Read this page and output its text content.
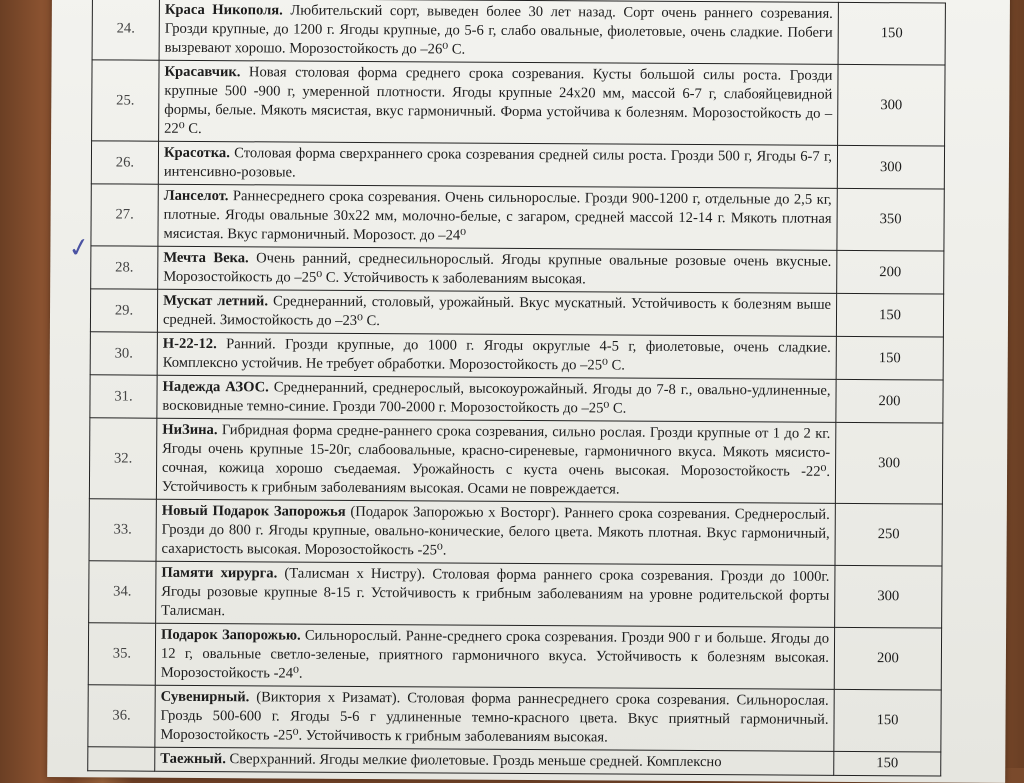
✓
24.	Краса Никополя. Любительский сорт, выведен более 30 лет назад. Сорт очень раннего созревания. Грозди крупные, до 1200 г. Ягоды крупные, до 5-6 г, слабо овальные, фиолетовые, очень сладкие. Побеги вызревают хорошо. Морозостойкость до –26⁰ С.	150
25.	Красавчик. Новая столовая форма среднего срока созревания. Кусты большой силы роста. Грозди крупные 500 -900 г, умеренной плотности. Ягоды крупные 24х20 мм, массой 6-7 г, слабояйцевидной формы, белые. Мякоть мясистая, вкус гармоничный. Форма устойчива к болезням. Морозостойкость до – 22⁰ С.	300
26.	Красотка. Столовая форма сверхраннего срока созревания средней силы роста. Грозди 500 г, Ягоды 6-7 г, интенсивно-розовые.	300
27.	Ланселот. Раннесреднего срока созревания. Очень сильнорослые. Грозди 900-1200 г, отдельные до 2,5 кг, плотные. Ягоды овальные 30х22 мм, молочно-белые, с загаром, средней массой 12-14 г. Мякоть плотная мясистая. Вкус гармоничный. Морозост. до –24⁰	350
28.	Мечта Века. Очень ранний, среднесильнорослый. Ягоды крупные овальные розовые очень вкусные. Морозостойкость до –25⁰ С. Устойчивость к заболеваниям высокая.	200
29.	Мускат летний. Среднеранний, столовый, урожайный. Вкус мускатный. Устойчивость к болезням выше средней. Зимостойкость до –23⁰ С.	150
30.	Н-22-12. Ранний. Грозди крупные, до 1000 г. Ягоды округлые 4-5 г, фиолетовые, очень сладкие. Комплексно устойчив. Не требует обработки. Морозостойкость до –25⁰ С.	150
31.	Надежда АЗОС. Среднеранний, среднерослый, высокоурожайный. Ягоды до 7-8 г., овально-удлиненные, восковидные темно-синие. Грозди 700-2000 г. Морозостойкость до –25⁰ С.	200
32.	НиЗина. Гибридная форма средне-раннего срока созревания, сильно рослая. Грозди крупные от 1 до 2 кг. Ягоды очень крупные 15-20г, слабоовальные, красно-сиреневые, гармоничного вкуса. Мякоть мясисто-сочная, кожица хорошо съедаемая. Урожайность с куста очень высокая. Морозостойкость -22⁰. Устойчивость к грибным заболеваниям высокая. Осами не повреждается.	300
33.	Новый Подарок Запорожья (Подарок Запорожью х Восторг). Раннего срока созревания. Среднерослый. Грозди до 800 г. Ягоды крупные, овально-конические, белого цвета. Мякоть плотная. Вкус гармоничный, сахаристость высокая. Морозостойкость -25⁰.	250
34.	Памяти хирурга. (Талисман х Нистру). Столовая форма раннего срока созревания. Грозди до 1000г. Ягоды розовые крупные 8-15 г. Устойчивость к грибным заболеваниям на уровне родительской форты Талисман.	300
35.	Подарок Запорожью. Сильнорослый. Ранне-среднего срока созревания. Грозди 900 г и больше. Ягоды до 12 г, овальные светло-зеленые, приятного гармоничного вкуса. Устойчивость к болезням высокая. Морозостойкость -24⁰.	200
36.	Сувенирный. (Виктория х Ризамат). Столовая форма раннесреднего срока созревания. Сильнорослая. Гроздь 500-600 г. Ягоды 5-6 г удлиненные темно-красного цвета. Вкус приятный гармоничный. Морозостойкость -25⁰. Устойчивость к грибным заболеваниям высокая.	150
	Таежный. Сверхранний. Ягоды мелкие фиолетовые. Гроздь меньше средней. Комплексно	150
